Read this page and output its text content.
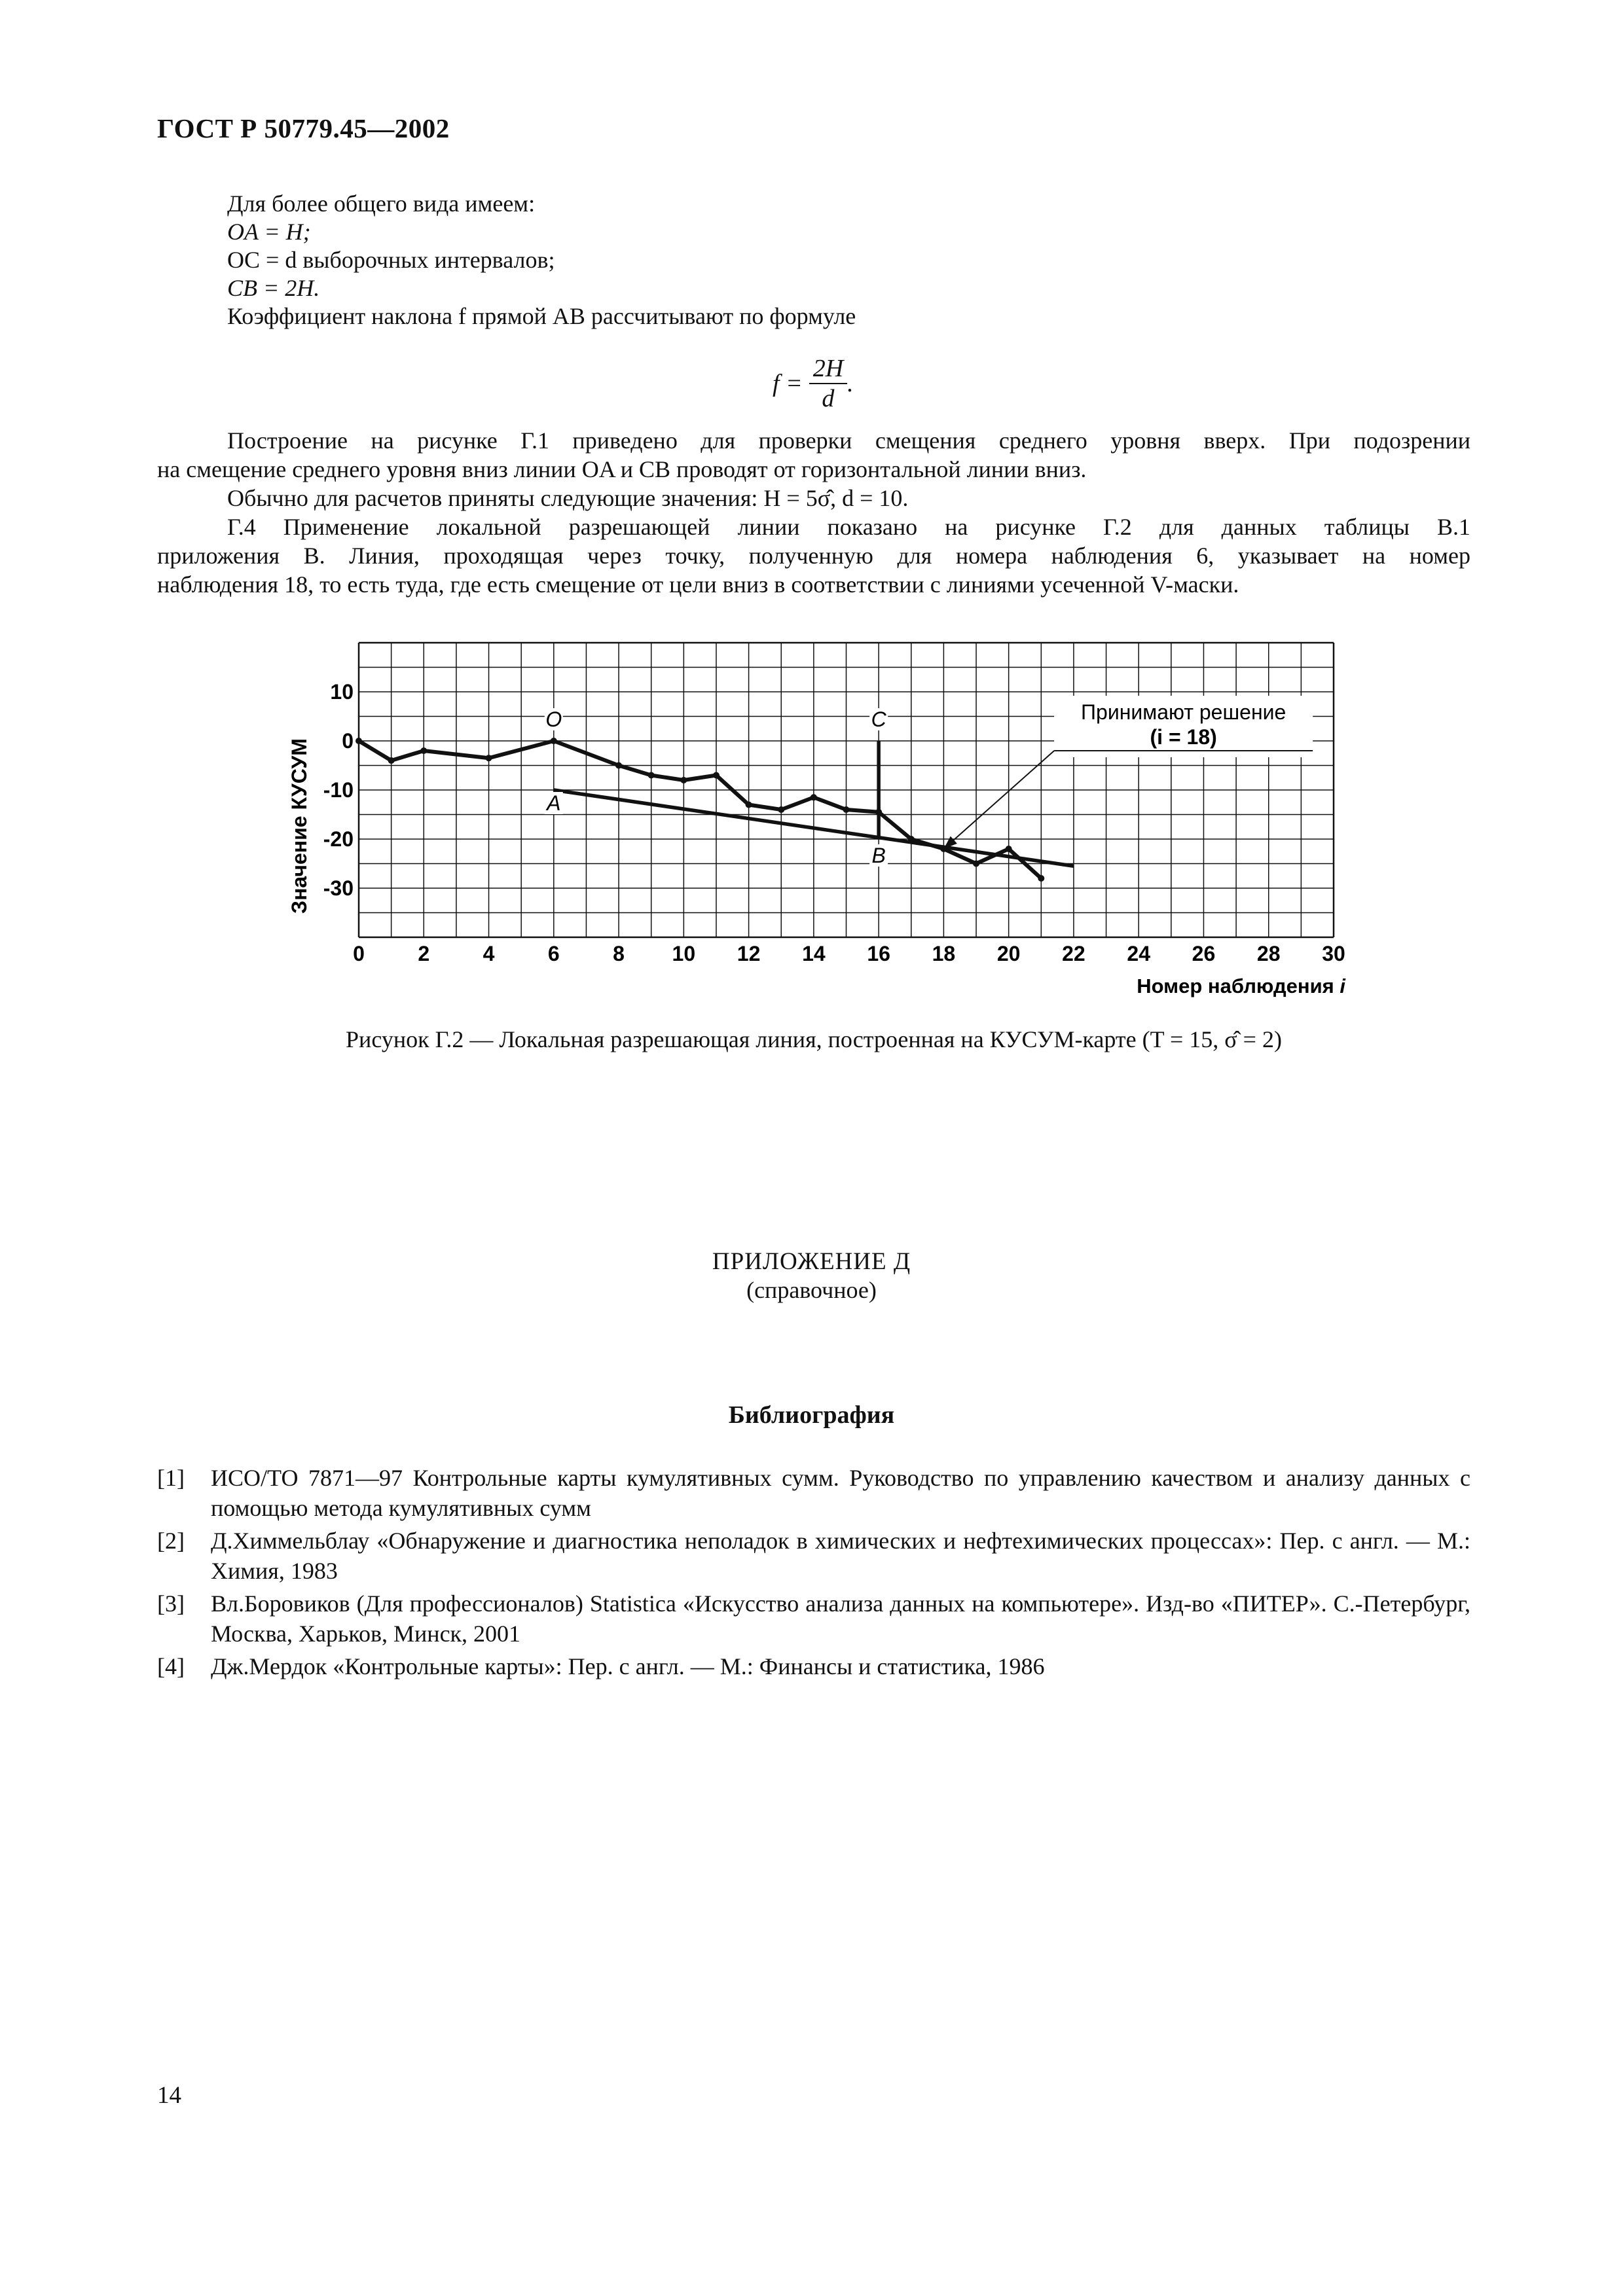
ГОСТ Р 50779.45—2002
Для более общего вида имеем:
OA = H;
OC = d выборочных интервалов;
CB = 2H.
Коэффициент наклона f прямой AB рассчитывают по формуле
$f = \frac{2H}{d}$ .
Построение на рисунке Г.1 приведено для проверки смещения среднего уровня вверх. При подозрении
на смещение среднего уровня вниз линии OA и CB проводят от горизонтальной линии вниз.
Обычно для расчетов приняты следующие значения: H = 5σ̂, d = 10.
Г.4 Применение локальной разрешающей линии показано на рисунке Г.2 для данных таблицы В.1
приложения В. Линия, проходящая через точку, полученную для номера наблюдения 6, указывает на номер
наблюдения 18, то есть туда, где есть смещение от цели вниз в соответствии с линиями усеченной V-маски.
0	2	4	6	8 10 12 14 16 18 20 22 24 26 28 30
10
0
-10
-20
-30
O
A
C
B
Принимают решение
(i = 18)
Значение КУСУМ
Номер наблюдения i
Рисунок Г.2 — Локальная разрешающая линия, построенная на КУСУМ-карте (T = 15, σ̂ = 2)
ПРИЛОЖЕНИЕ Д
(справочное)
Библиография
[1] ИСО/ТО 7871—97 Контрольные карты кумулятивных сумм. Руководство по управлению качеством и анализу данных с помощью метода кумулятивных сумм
[2] Д.Химмельблау «Обнаружение и диагностика неполадок в химических и нефтехимических процессах»: Пер. с англ. — М.: Химия, 1983
[3] Вл.Боровиков (Для профессионалов) Statistica «Искусство анализа данных на компьютере». Изд-во «ПИТЕР». С.-Петербург, Москва, Харьков, Минск, 2001
[4] Дж.Мердок «Контрольные карты»: Пер. с англ. — М.: Финансы и статистика, 1986
14
